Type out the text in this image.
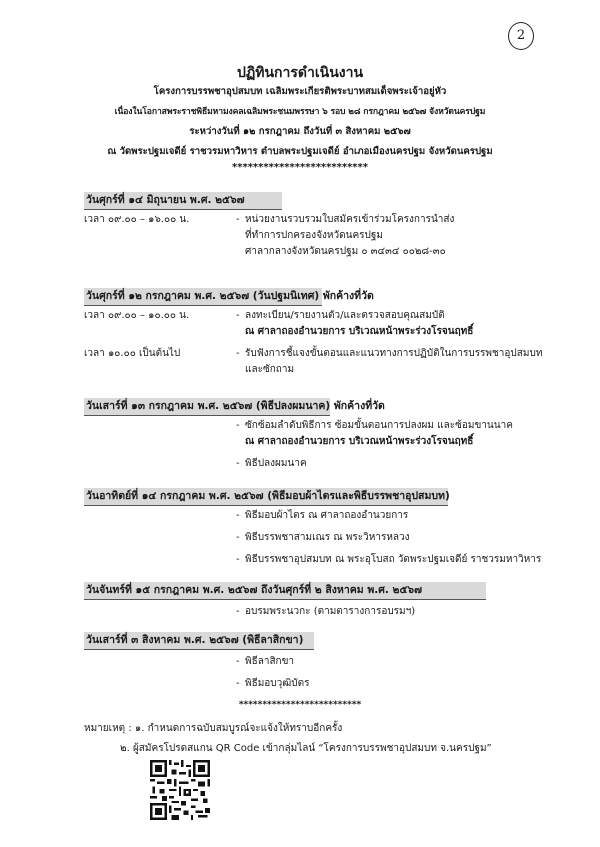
2
ปฏิทินการดำเนินงาน
โครงการบรรพชาอุปสมบท เฉลิมพระเกียรติพระบาทสมเด็จพระเจ้าอยู่หัว
เนื่องในโอกาสพระราชพิธีมหามงคลเฉลิมพระชนมพรรษา ๖ รอบ ๒๘ กรกฎาคม ๒๕๖๗ จังหวัดนครปฐม
ระหว่างวันที่ ๑๒ กรกฎาคม ถึงวันที่ ๓ สิงหาคม ๒๕๖๗
ณ วัดพระปฐมเจดีย์ ราชวรมหาวิหาร ตำบลพระปฐมเจดีย์ อำเภอเมืองนครปฐม จังหวัดนครปฐม
**************************
วันศุกร์ที่ ๑๔ มิถุนายน พ.ศ. ๒๕๖๗
เวลา ๐๙.๐๐ – ๑๖.๐๐ น.	- หน่วยงานรวบรวมใบสมัครเข้าร่วมโครงการนำส่ง
ที่ทำการปกครองจังหวัดนครปฐม
ศาลากลางจังหวัดนครปฐม ๐ ๓๔๓๔ ๐๐๒๘-๓๐
วันศุกร์ที่ ๑๒ กรกฎาคม พ.ศ. ๒๕๖๗ (วันปฐมนิเทศ) พักค้างที่วัด
เวลา ๐๙.๐๐ – ๑๐.๐๐ น.	- ลงทะเบียน/รายงานตัว/และตรวจสอบคุณสมบัติ
ณ ศาลาถองอำนวยการ บริเวณหน้าพระร่วงโรจนฤทธิ์
เวลา ๑๐.๐๐ เป็นต้นไป	- รับฟังการชี้แจงขั้นตอนและแนวทางการปฏิบัติในการบรรพชาอุปสมบท
และซักถาม
วันเสาร์ที่ ๑๓ กรกฎาคม พ.ศ. ๒๕๖๗ (พิธีปลงผมนาค) พักค้างที่วัด
- ซักซ้อมลำดับพิธีการ ซ้อมขั้นตอนการปลงผม และซ้อมขานนาค
ณ ศาลาถองอำนวยการ บริเวณหน้าพระร่วงโรจนฤทธิ์
- พิธีปลงผมนาค
วันอาทิตย์ที่ ๑๔ กรกฎาคม พ.ศ. ๒๕๖๗ (พิธีมอบผ้าไตรและพิธีบรรพชาอุปสมบท)
- พิธีมอบผ้าไตร ณ ศาลาถองอำนวยการ
- พิธีบรรพชาสามเณร ณ พระวิหารหลวง
- พิธีบรรพชาอุปสมบท ณ พระอุโบสถ วัดพระปฐมเจดีย์ ราชวรมหาวิหาร
วันจันทร์ที่ ๑๕ กรกฎาคม พ.ศ. ๒๕๖๗ ถึงวันศุกร์ที่ ๒ สิงหาคม พ.ศ. ๒๕๖๗
- อบรมพระนวกะ (ตามตารางการอบรมฯ)
วันเสาร์ที่ ๓ สิงหาคม พ.ศ. ๒๕๖๗ (พิธีลาสิกขา)
- พิธีลาสิกขา
- พิธีมอบวุฒิบัตร
**************************
หมายเหตุ : ๑. กำหนดการฉบับสมบูรณ์จะแจ้งให้ทราบอีกครั้ง
๒. ผู้สมัครโปรดสแกน QR Code เข้ากลุ่มไลน์ “โครงการบรรพชาอุปสมบท จ.นครปฐม”
